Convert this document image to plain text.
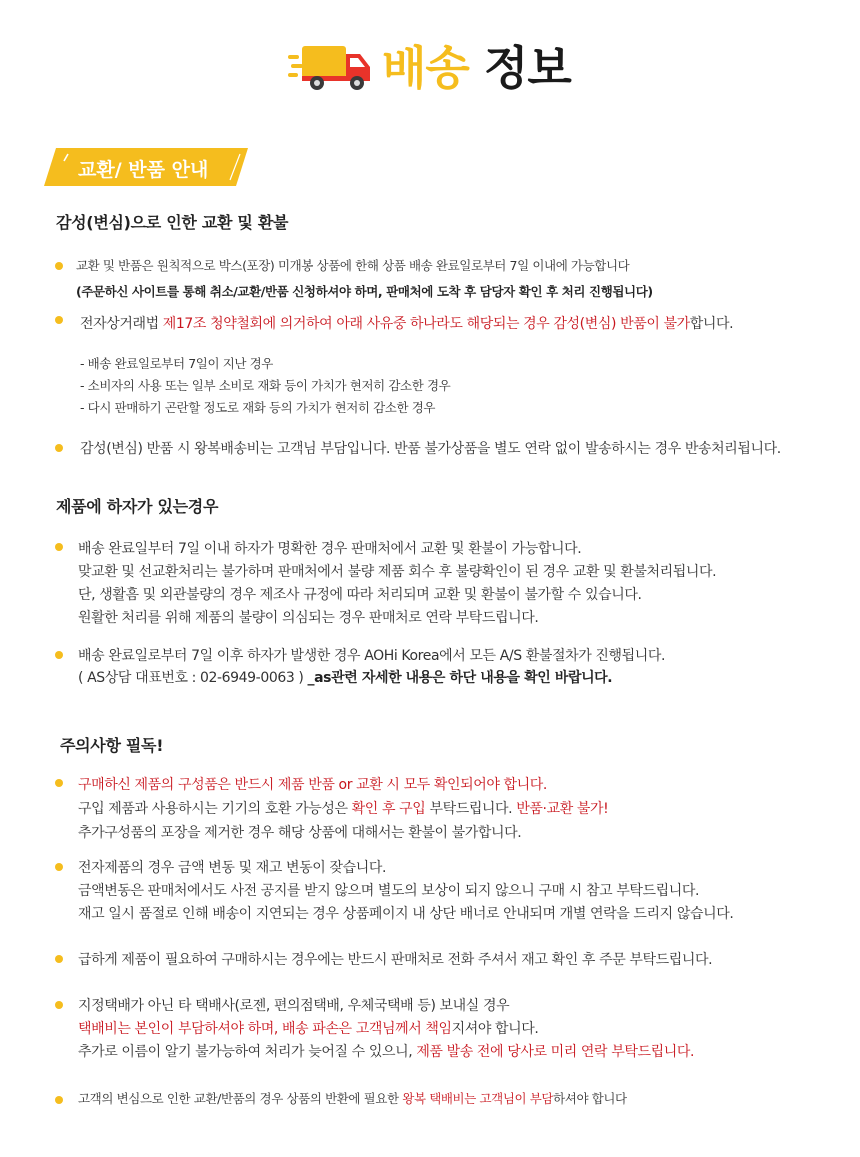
배송 정보
교환/ 반품 안내
감성(변심)으로 인한 교환 및 환불
교환 및 반품은 원칙적으로 박스(포장) 미개봉 상품에 한해 상품 배송 완료일로부터 7일 이내에 가능합니다
(주문하신 사이트를 통해 취소/교환/반품 신청하셔야 하며, 판매처에 도착 후 담당자 확인 후 처리 진행됩니다)
전자상거래법 제17조 청약철회에 의거하여 아래 사유중 하나라도 해당되는 경우 감성(변심) 반품이 불가합니다.
- 배송 완료일로부터 7일이 지난 경우
- 소비자의 사용 또는 일부 소비로 재화 등이 가치가 현저히 감소한 경우
- 다시 판매하기 곤란할 정도로 재화 등의 가치가 현저히 감소한 경우
감성(변심) 반품 시 왕복배송비는 고객님 부담입니다. 반품 불가상품을 별도 연락 없이 발송하시는 경우 반송처리됩니다.
제품에 하자가 있는경우
배송 완료일부터 7일 이내 하자가 명확한 경우 판매처에서 교환 및 환불이 가능합니다.
맞교환 및 선교환처리는 불가하며 판매처에서 불량 제품 회수 후 불량확인이 된 경우 교환 및 환불처리됩니다.
단, 생활흠 및 외관불량의 경우 제조사 규정에 따라 처리되며 교환 및 환불이 불가할 수 있습니다.
원활한 처리를 위해 제품의 불량이 의심되는 경우 판매처로 연락 부탁드립니다.
배송 완료일로부터 7일 이후 하자가 발생한 경우 AOHi Korea에서 모든 A/S 환불절차가 진행됩니다.
( AS상담 대표번호 : 02-6949-0063 ) _as관련 자세한 내용은 하단 내용을 확인 바랍니다.
주의사항 필독!
구매하신 제품의 구성품은 반드시 제품 반품 or 교환 시 모두 확인되어야 합니다.
구입 제품과 사용하시는 기기의 호환 가능성은 확인 후 구입 부탁드립니다. 반품·교환 불가!
추가구성품의 포장을 제거한 경우 해당 상품에 대해서는 환불이 불가합니다.
전자제품의 경우 금액 변동 및 재고 변동이 잦습니다.
금액변동은 판매처에서도 사전 공지를 받지 않으며 별도의 보상이 되지 않으니 구매 시 참고 부탁드립니다.
재고 일시 품절로 인해 배송이 지연되는 경우 상품페이지 내 상단 배너로 안내되며 개별 연락을 드리지 않습니다.
급하게 제품이 필요하여 구매하시는 경우에는 반드시 판매처로 전화 주셔서 재고 확인 후 주문 부탁드립니다.
지정택배가 아닌 타 택배사(로젠, 편의점택배, 우체국택배 등) 보내실 경우
택배비는 본인이 부담하셔야 하며, 배송 파손은 고객님께서 책임지셔야 합니다.
추가로 이름이 알기 불가능하여 처리가 늦어질 수 있으니, 제품 발송 전에 당사로 미리 연락 부탁드립니다.
고객의 변심으로 인한 교환/반품의 경우 상품의 반환에 필요한 왕복 택배비는 고객님이 부담하셔야 합니다
